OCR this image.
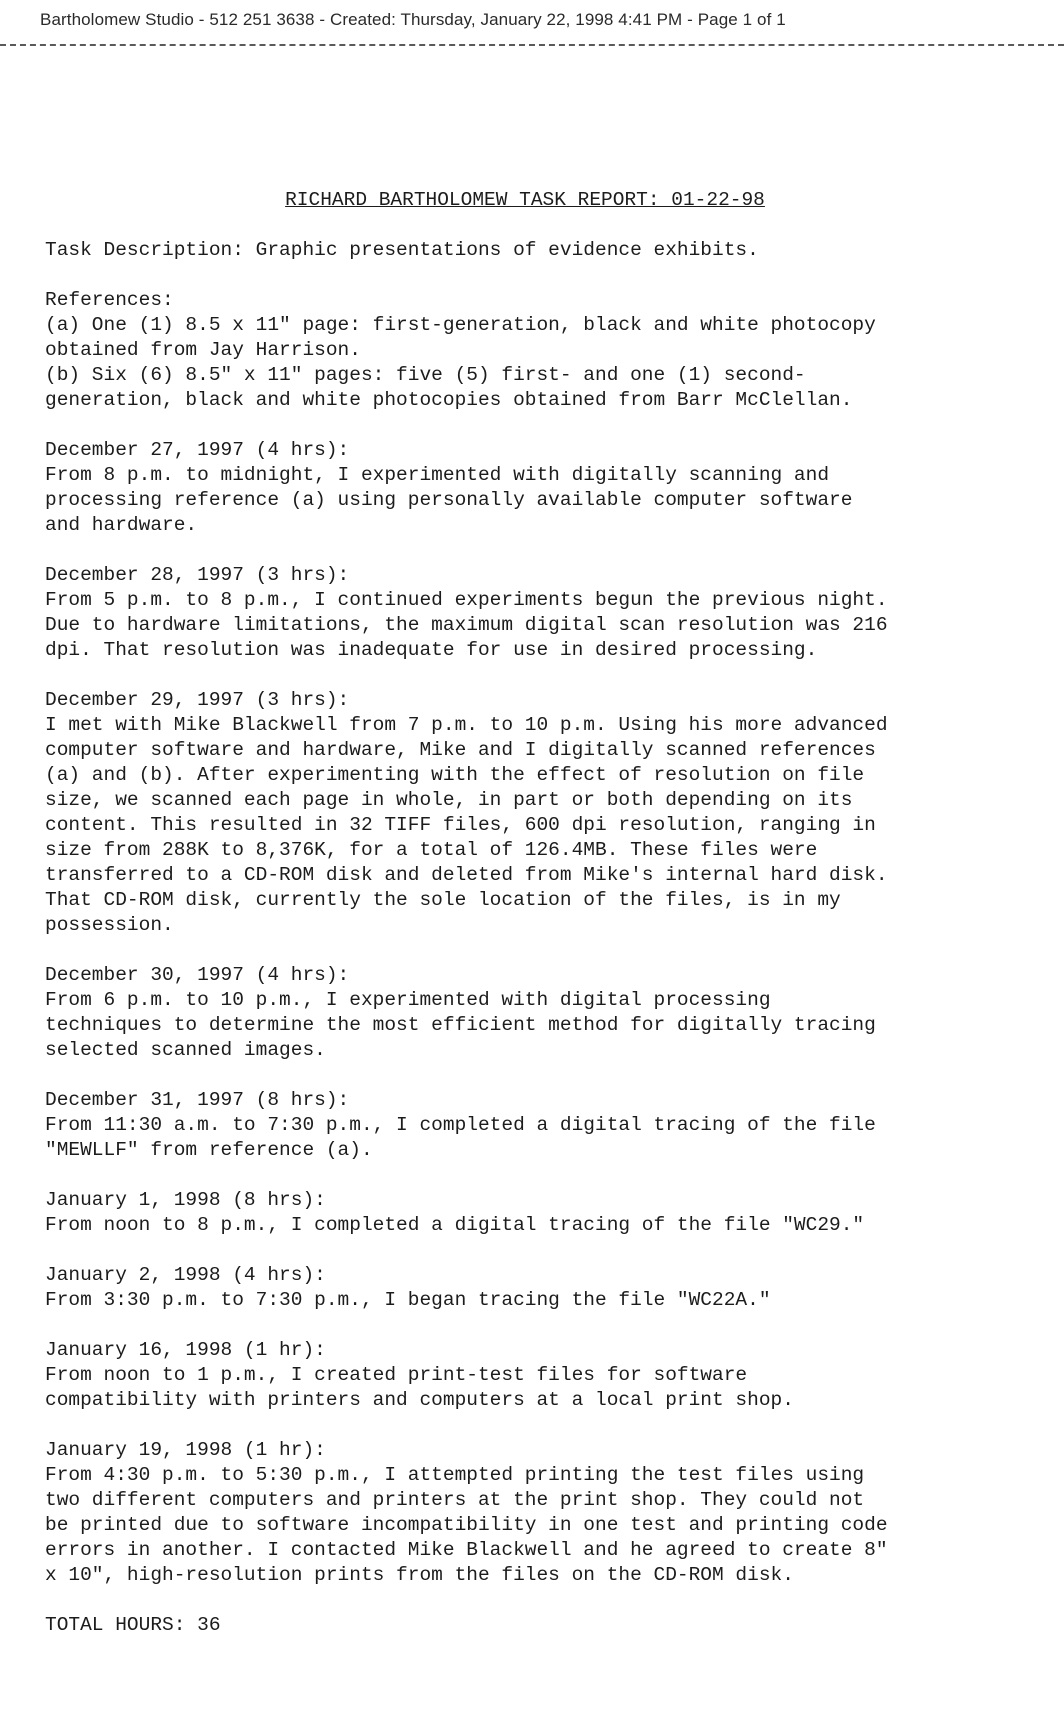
Bartholomew Studio - 512 251 3638 - Created: Thursday, January 22, 1998 4:41 PM - Page 1 of 1
RICHARD BARTHOLOMEW TASK REPORT: 01-22-98
Task Description: Graphic presentations of evidence exhibits.
References:
(a) One (1) 8.5 x 11" page: first-generation, black and white photocopy
obtained from Jay Harrison.
(b) Six (6) 8.5" x 11" pages: five (5) first- and one (1) second-
generation, black and white photocopies obtained from Barr McClellan.
December 27, 1997 (4 hrs):
From 8 p.m. to midnight, I experimented with digitally scanning and
processing reference (a) using personally available computer software
and hardware.
December 28, 1997 (3 hrs):
From 5 p.m. to 8 p.m., I continued experiments begun the previous night.
Due to hardware limitations, the maximum digital scan resolution was 216
dpi. That resolution was inadequate for use in desired processing.
December 29, 1997 (3 hrs):
I met with Mike Blackwell from 7 p.m. to 10 p.m. Using his more advanced
computer software and hardware, Mike and I digitally scanned references
(a) and (b). After experimenting with the effect of resolution on file
size, we scanned each page in whole, in part or both depending on its
content. This resulted in 32 TIFF files, 600 dpi resolution, ranging in
size from 288K to 8,376K, for a total of 126.4MB. These files were
transferred to a CD-ROM disk and deleted from Mike's internal hard disk.
That CD-ROM disk, currently the sole location of the files, is in my
possession.
December 30, 1997 (4 hrs):
From 6 p.m. to 10 p.m., I experimented with digital processing
techniques to determine the most efficient method for digitally tracing
selected scanned images.
December 31, 1997 (8 hrs):
From 11:30 a.m. to 7:30 p.m., I completed a digital tracing of the file
"MEWLLF" from reference (a).
January 1, 1998 (8 hrs):
From noon to 8 p.m., I completed a digital tracing of the file "WC29."
January 2, 1998 (4 hrs):
From 3:30 p.m. to 7:30 p.m., I began tracing the file "WC22A."
January 16, 1998 (1 hr):
From noon to 1 p.m., I created print-test files for software
compatibility with printers and computers at a local print shop.
January 19, 1998 (1 hr):
From 4:30 p.m. to 5:30 p.m., I attempted printing the test files using
two different computers and printers at the print shop. They could not
be printed due to software incompatibility in one test and printing code
errors in another. I contacted Mike Blackwell and he agreed to create 8"
x 10", high-resolution prints from the files on the CD-ROM disk.
TOTAL HOURS: 36
